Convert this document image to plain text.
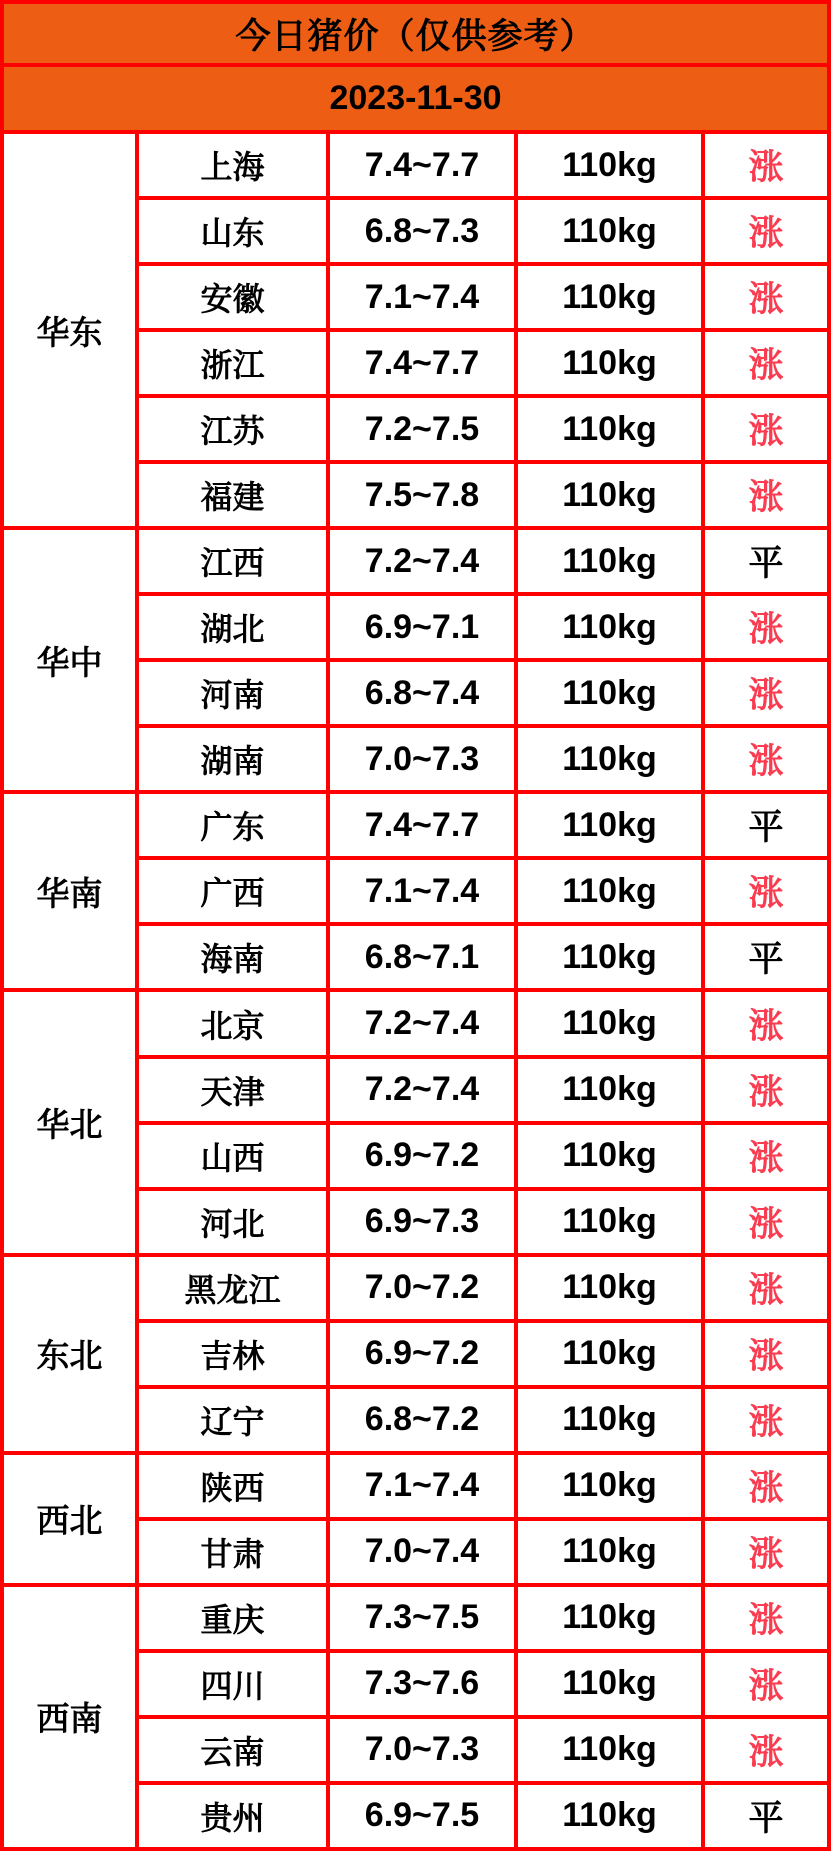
今日猪价（仅供参考）
2023-11-30
华东
上海	7.4~7.7	110kg	涨
山东	6.8~7.3	110kg	涨
安徽	7.1~7.4	110kg	涨
浙江	7.4~7.7	110kg	涨
江苏	7.2~7.5	110kg	涨
福建	7.5~7.8	110kg	涨
华中
江西	7.2~7.4	110kg	平
湖北	6.9~7.1	110kg	涨
河南	6.8~7.4	110kg	涨
湖南	7.0~7.3	110kg	涨
华南
广东	7.4~7.7	110kg	平
广西	7.1~7.4	110kg	涨
海南	6.8~7.1	110kg	平
华北
北京	7.2~7.4	110kg	涨
天津	7.2~7.4	110kg	涨
山西	6.9~7.2	110kg	涨
河北	6.9~7.3	110kg	涨
东北
黑龙江	7.0~7.2	110kg	涨
吉林	6.9~7.2	110kg	涨
辽宁	6.8~7.2	110kg	涨
西北
陕西	7.1~7.4	110kg	涨
甘肃	7.0~7.4	110kg	涨
西南
重庆	7.3~7.5	110kg	涨
四川	7.3~7.6	110kg	涨
云南	7.0~7.3	110kg	涨
贵州	6.9~7.5	110kg	平
